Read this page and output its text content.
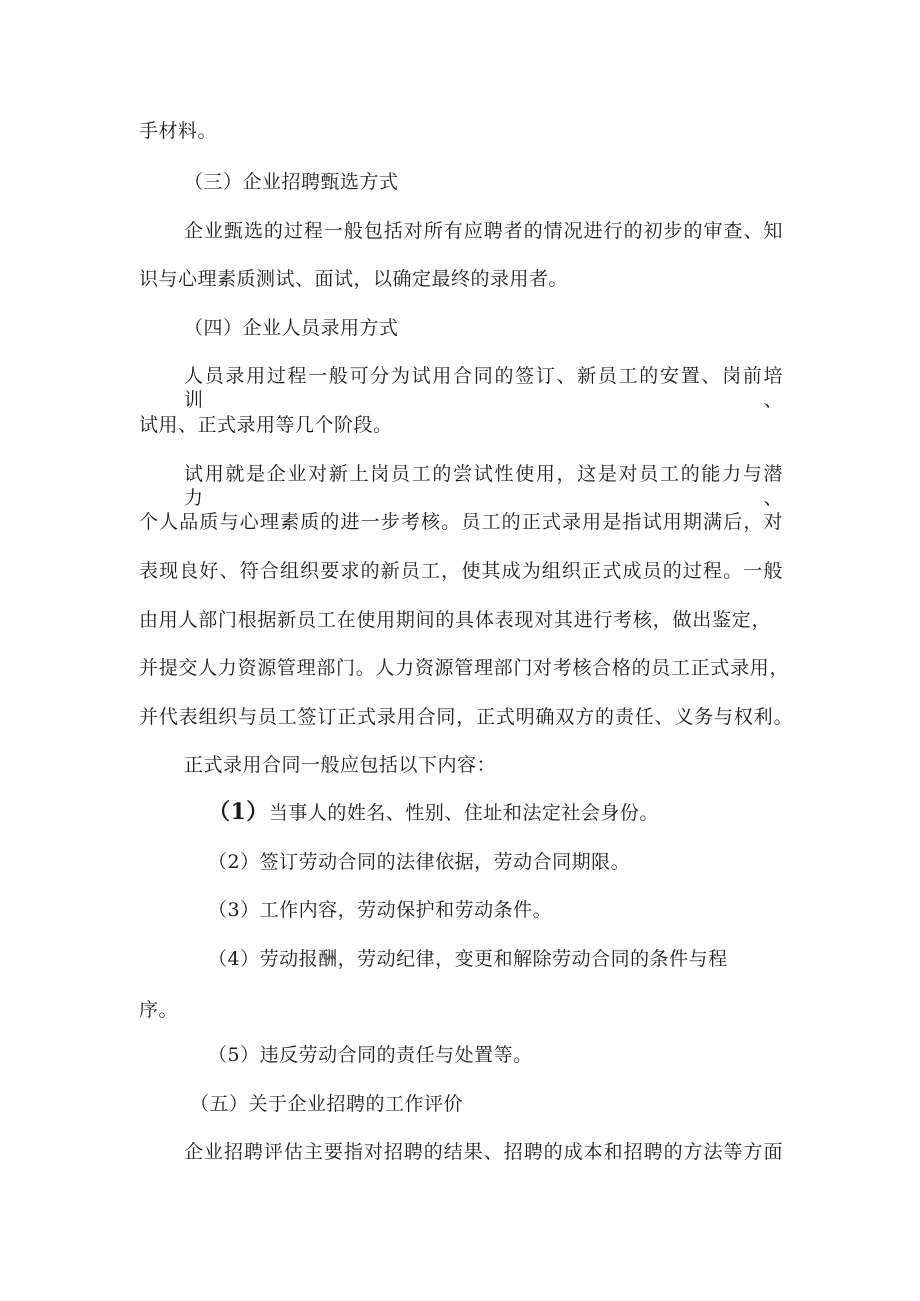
手材料。
（三）企业招聘甄选方式
企业甄选的过程一般包括对所有应聘者的情况进行的初步的审查、知
识与心理素质测试、面试，以确定最终的录用者。
（四）企业人员录用方式
人员录用过程一般可分为试用合同的签订、新员工的安置、岗前培训、
试用、正式录用等几个阶段。
试用就是企业对新上岗员工的尝试性使用，这是对员工的能力与潜力、
个人品质与心理素质的进一步考核。员工的正式录用是指试用期满后，对
表现良好、符合组织要求的新员工，使其成为组织正式成员的过程。一般
由用人部门根据新员工在使用期间的具体表现对其进行考核，做出鉴定，
并提交人力资源管理部门。人力资源管理部门对考核合格的员工正式录用，
并代表组织与员工签订正式录用合同，正式明确双方的责任、义务与权利。
正式录用合同一般应包括以下内容：
（1）当事人的姓名、性别、住址和法定社会身份。
（2）签订劳动合同的法律依据，劳动合同期限。
（3）工作内容，劳动保护和劳动条件。
（4）劳动报酬，劳动纪律，变更和解除劳动合同的条件与程
序。
（5）违反劳动合同的责任与处置等。
（五）关于企业招聘的工作评价
企业招聘评估主要指对招聘的结果、招聘的成本和招聘的方法等方面
